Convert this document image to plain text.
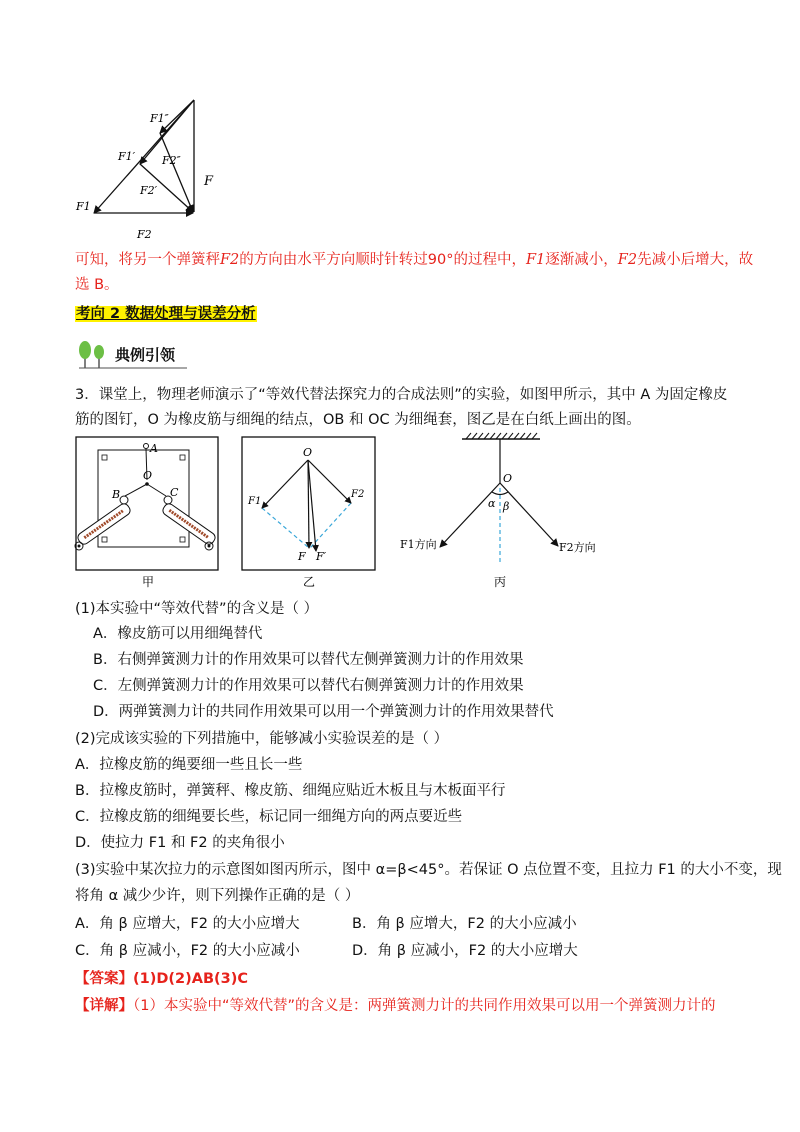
F1″
F1′ F2″
F2′
F
F1
F2
可知，将另一个弹簧秤F2的方向由水平方向顺时针转过90°的过程中，F1逐渐减小，F2先减小后增大，故
选 B。
考向 2 数据处理与误差分析
典例引领
3．课堂上，物理老师演示了“等效代替法探究力的合成法则”的实验，如图甲所示，其中 A 为固定橡皮
筋的图钉，O 为橡皮筋与细绳的结点，OB 和 OC 为细绳套，图乙是在白纸上画出的图。
A
O
B	C
甲
O
F1
F2
F F′
乙
O
α β
F1方向	F2方向
丙
(1)本实验中“等效代替”的含义是（ ）
A．橡皮筋可以用细绳替代
B．右侧弹簧测力计的作用效果可以替代左侧弹簧测力计的作用效果
C．左侧弹簧测力计的作用效果可以替代右侧弹簧测力计的作用效果
D．两弹簧测力计的共同作用效果可以用一个弹簧测力计的作用效果替代
(2)完成该实验的下列措施中，能够减小实验误差的是（ ）
A．拉橡皮筋的绳要细一些且长一些
B．拉橡皮筋时，弹簧秤、橡皮筋、细绳应贴近木板且与木板面平行
C．拉橡皮筋的细绳要长些，标记同一细绳方向的两点要近些
D．使拉力 F1 和 F2 的夹角很小
(3)实验中某次拉力的示意图如图丙所示，图中 α=β<45°。若保证 O 点位置不变，且拉力 F1 的大小不变，现
将角 α 减少少许，则下列操作正确的是（ ）
A．角 β 应增大，F2 的大小应增大	B．角 β 应增大，F2 的大小应减小
C．角 β 应减小，F2 的大小应减小	D．角 β 应减小，F2 的大小应增大
【答案】(1)D(2)AB(3)C
【详解】（1）本实验中“等效代替”的含义是：两弹簧测力计的共同作用效果可以用一个弹簧测力计的
